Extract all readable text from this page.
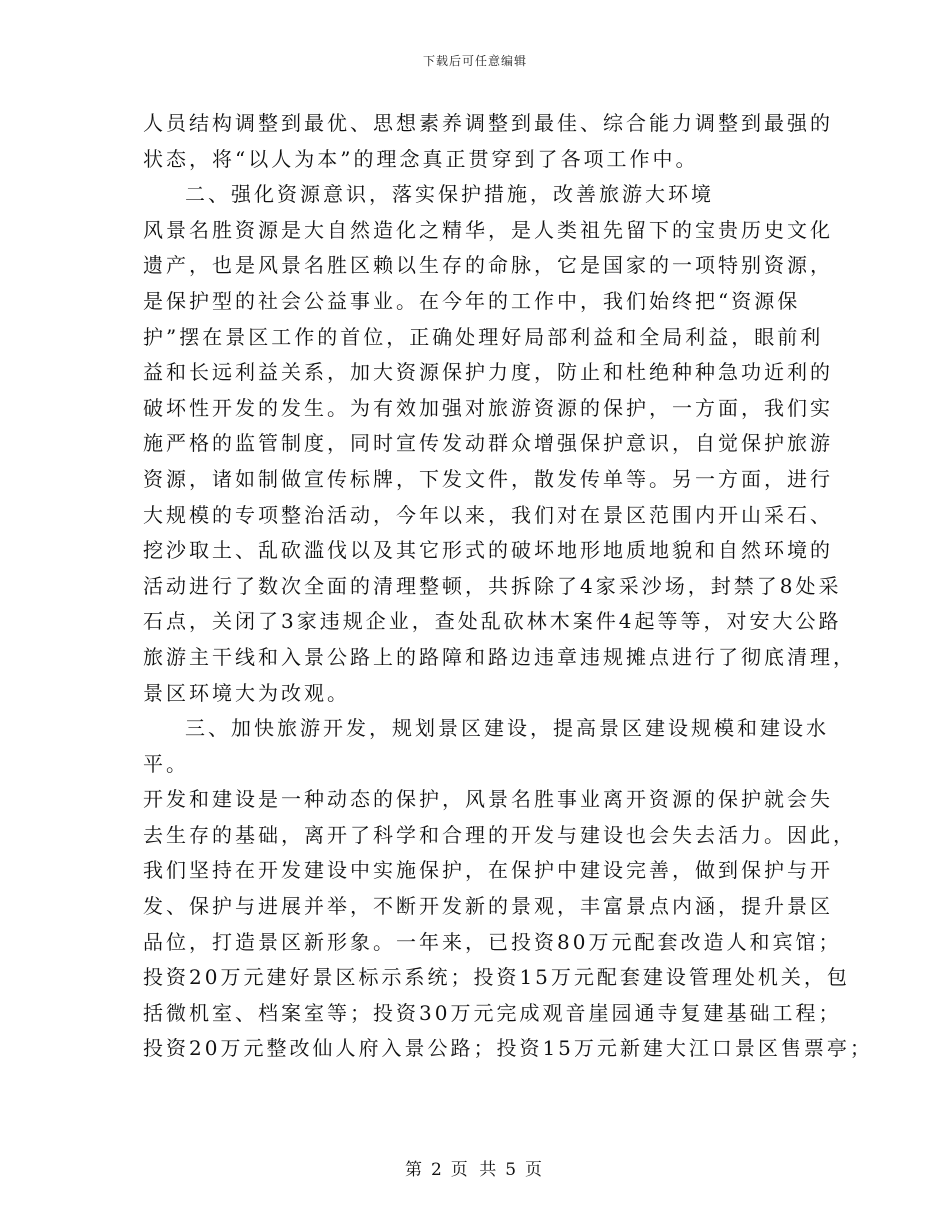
下载后可任意编辑
人员结构调整到最优、思想素养调整到最佳、综合能力调整到最强的
状态，将“以人为本”的理念真正贯穿到了各项工作中。
二、强化资源意识，落实保护措施，改善旅游大环境
风景名胜资源是大自然造化之精华，是人类祖先留下的宝贵历史文化
遗产，也是风景名胜区赖以生存的命脉，它是国家的一项特别资源，
是保护型的社会公益事业。在今年的工作中，我们始终把“资源保
护”摆在景区工作的首位，正确处理好局部利益和全局利益，眼前利
益和长远利益关系，加大资源保护力度，防止和杜绝种种急功近利的
破坏性开发的发生。为有效加强对旅游资源的保护，一方面，我们实
施严格的监管制度，同时宣传发动群众增强保护意识，自觉保护旅游
资源，诸如制做宣传标牌，下发文件，散发传单等。另一方面，进行
大规模的专项整治活动，今年以来，我们对在景区范围内开山采石、
挖沙取土、乱砍滥伐以及其它形式的破坏地形地质地貌和自然环境的
活动进行了数次全面的清理整顿，共拆除了4家采沙场，封禁了8处采
石点，关闭了3家违规企业，查处乱砍林木案件4起等等，对安大公路
旅游主干线和入景公路上的路障和路边违章违规摊点进行了彻底清理，
景区环境大为改观。
三、加快旅游开发，规划景区建设，提高景区建设规模和建设水
平。
开发和建设是一种动态的保护，风景名胜事业离开资源的保护就会失
去生存的基础，离开了科学和合理的开发与建设也会失去活力。因此，
我们坚持在开发建设中实施保护，在保护中建设完善，做到保护与开
发、保护与进展并举，不断开发新的景观，丰富景点内涵，提升景区
品位，打造景区新形象。一年来，已投资80万元配套改造人和宾馆；
投资20万元建好景区标示系统；投资15万元配套建设管理处机关，包
括微机室、档案室等；投资30万元完成观音崖园通寺复建基础工程；
投资20万元整改仙人府入景公路；投资15万元新建大江口景区售票亭；
第 2 页 共 5 页
